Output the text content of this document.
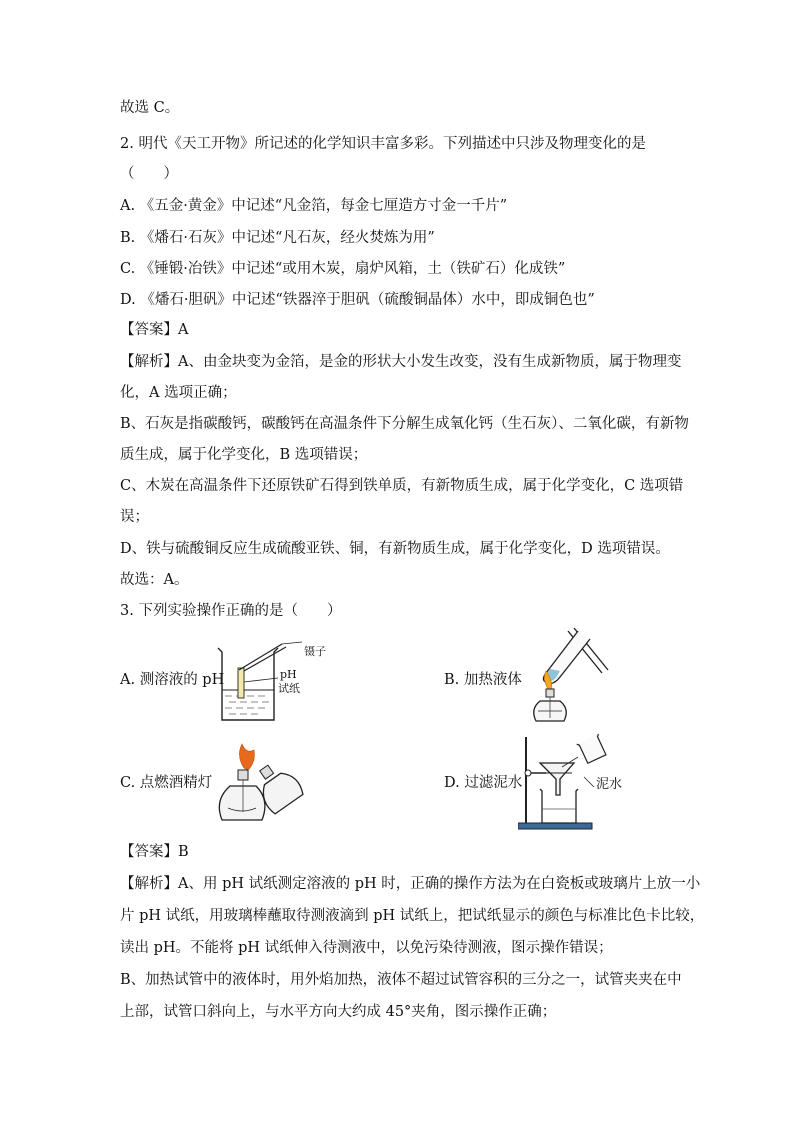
故选 C。
2. 明代《天工开物》所记述的化学知识丰富多彩。下列描述中只涉及物理变化的是
（　　）
A. 《五金·黄金》中记述“凡金箔，每金七厘造方寸金一千片”
B. 《燔石·石灰》中记述“凡石灰，经火焚炼为用”
C. 《锤锻·冶铁》中记述“或用木炭，扇炉风箱，土（铁矿石）化成铁”
D. 《燔石·胆矾》中记述“铁器淬于胆矾（硫酸铜晶体）水中，即成铜色也”
【答案】A
【解析】A、由金块变为金箔，是金的形状大小发生改变，没有生成新物质，属于物理变
化，A 选项正确；
B、石灰是指碳酸钙，碳酸钙在高温条件下分解生成氧化钙（生石灰）、二氧化碳，有新物
质生成，属于化学变化，B 选项错误；
C、木炭在高温条件下还原铁矿石得到铁单质，有新物质生成，属于化学变化，C 选项错
误；
D、铁与硫酸铜反应生成硫酸亚铁、铜，有新物质生成，属于化学变化，D 选项错误。
故选：A。
3. 下列实验操作正确的是（　　）
A. 测溶液的 pH	B. 加热液体
C. 点燃酒精灯	D. 过滤泥水
镊子
pH
试纸
泥水
【答案】B
【解析】A、用 pH 试纸测定溶液的 pH 时，正确的操作方法为在白瓷板或玻璃片上放一小
片 pH 试纸，用玻璃棒蘸取待测液滴到 pH 试纸上，把试纸显示的颜色与标准比色卡比较，
读出 pH。不能将 pH 试纸伸入待测液中，以免污染待测液，图示操作错误；
B、加热试管中的液体时，用外焰加热，液体不超过试管容积的三分之一，试管夹夹在中
上部，试管口斜向上，与水平方向大约成 45°夹角，图示操作正确；
